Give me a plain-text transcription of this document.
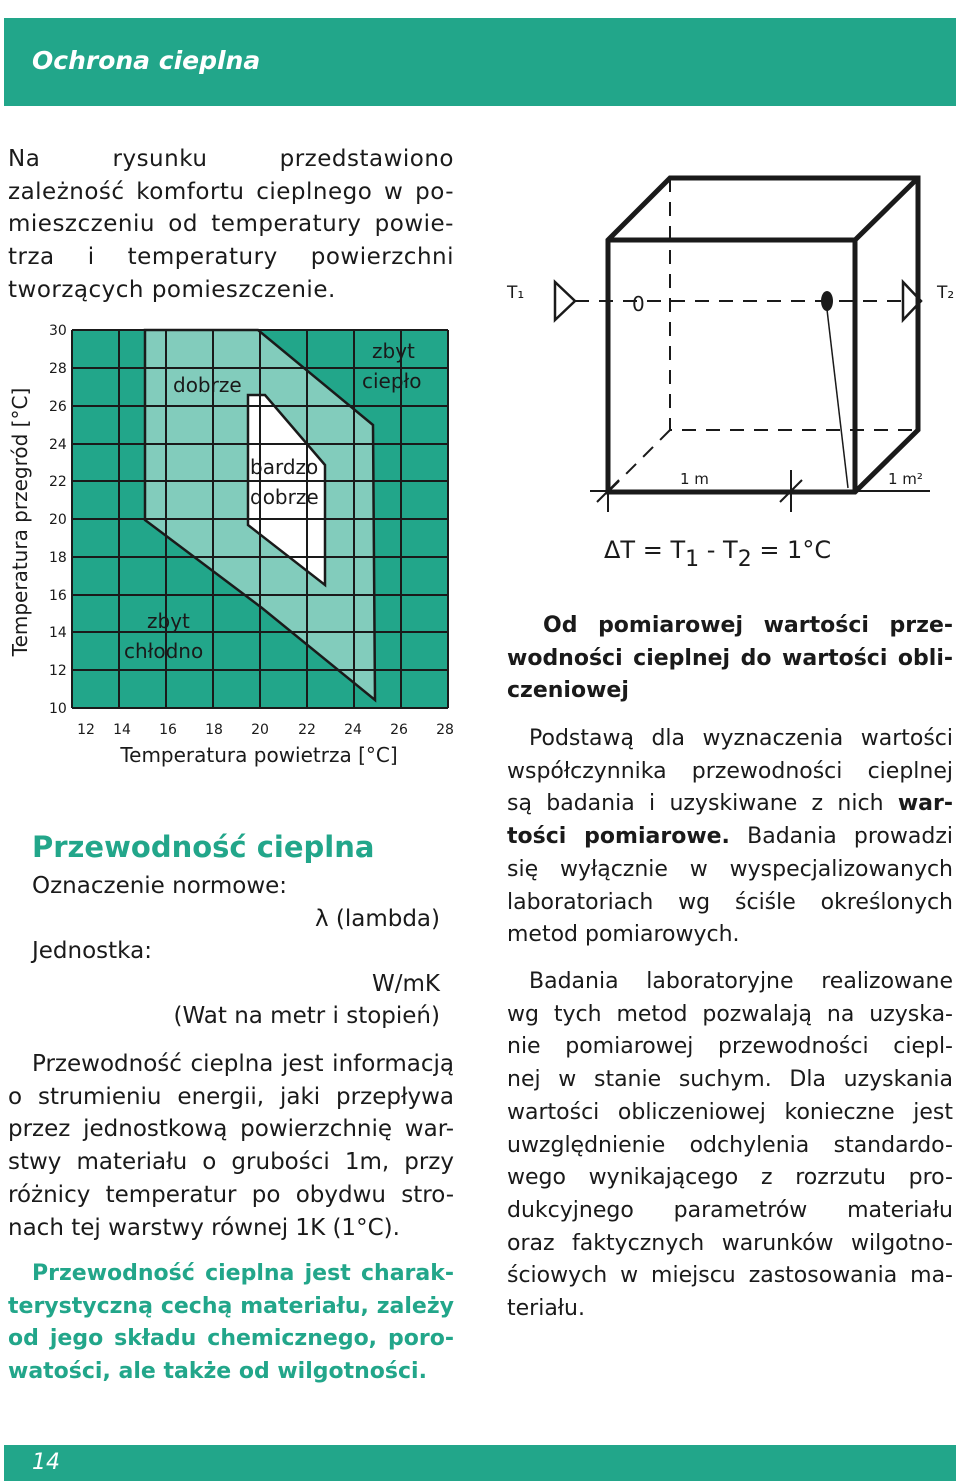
Ochrona cieplna
Na rysunku przedstawiono
zależność komfortu cieplnego w po-
mieszczeniu od temperatury powie-
trza i temperatury powierzchni
tworzących pomieszczenie.
30
28
26
24
22
20
18
16
14
12
10
12 14 16 18 20 22 24 26 28
Temperatura powietrza [°C]
Temperatura przegród [°C]
dobrze
zbyt
ciepło
bardzo
dobrze
zbyt
chłodno
T₁	T₂
0
1 m	1 m²
ΔT = T1 - T2 = 1°C
Przewodność cieplna
Oznaczenie normowe:
λ (lambda)
Jednostka:
W/mK
(Wat na metr i stopień)
Przewodność cieplna jest informacją
o strumieniu energii, jaki przepływa
przez jednostkową powierzchnię war-
stwy materiału o grubości 1m, przy
różnicy temperatur po obydwu stro-
nach tej warstwy równej 1K (1°C).
Przewodność cieplna jest charak-
terystyczną cechą materiału, zależy
od jego składu chemicznego, poro-
watości, ale także od wilgotności.
Od pomiarowej wartości prze-
wodności cieplnej do wartości obli-
czeniowej
Podstawą dla wyznaczenia wartości
współczynnika przewodności cieplnej
są badania i uzyskiwane z nich war-
tości pomiarowe. Badania prowadzi
się wyłącznie w wyspecjalizowanych
laboratoriach wg ściśle określonych
metod pomiarowych.
Badania laboratoryjne realizowane
wg tych metod pozwalają na uzyska-
nie pomiarowej przewodności ciepl-
nej w stanie suchym. Dla uzyskania
wartości obliczeniowej konieczne jest
uwzględnienie odchylenia standardo-
wego wynikającego z rozrzutu pro-
dukcyjnego parametrów materiału
oraz faktycznych warunków wilgotno-
ściowych w miejscu zastosowania ma-
teriału.
14
